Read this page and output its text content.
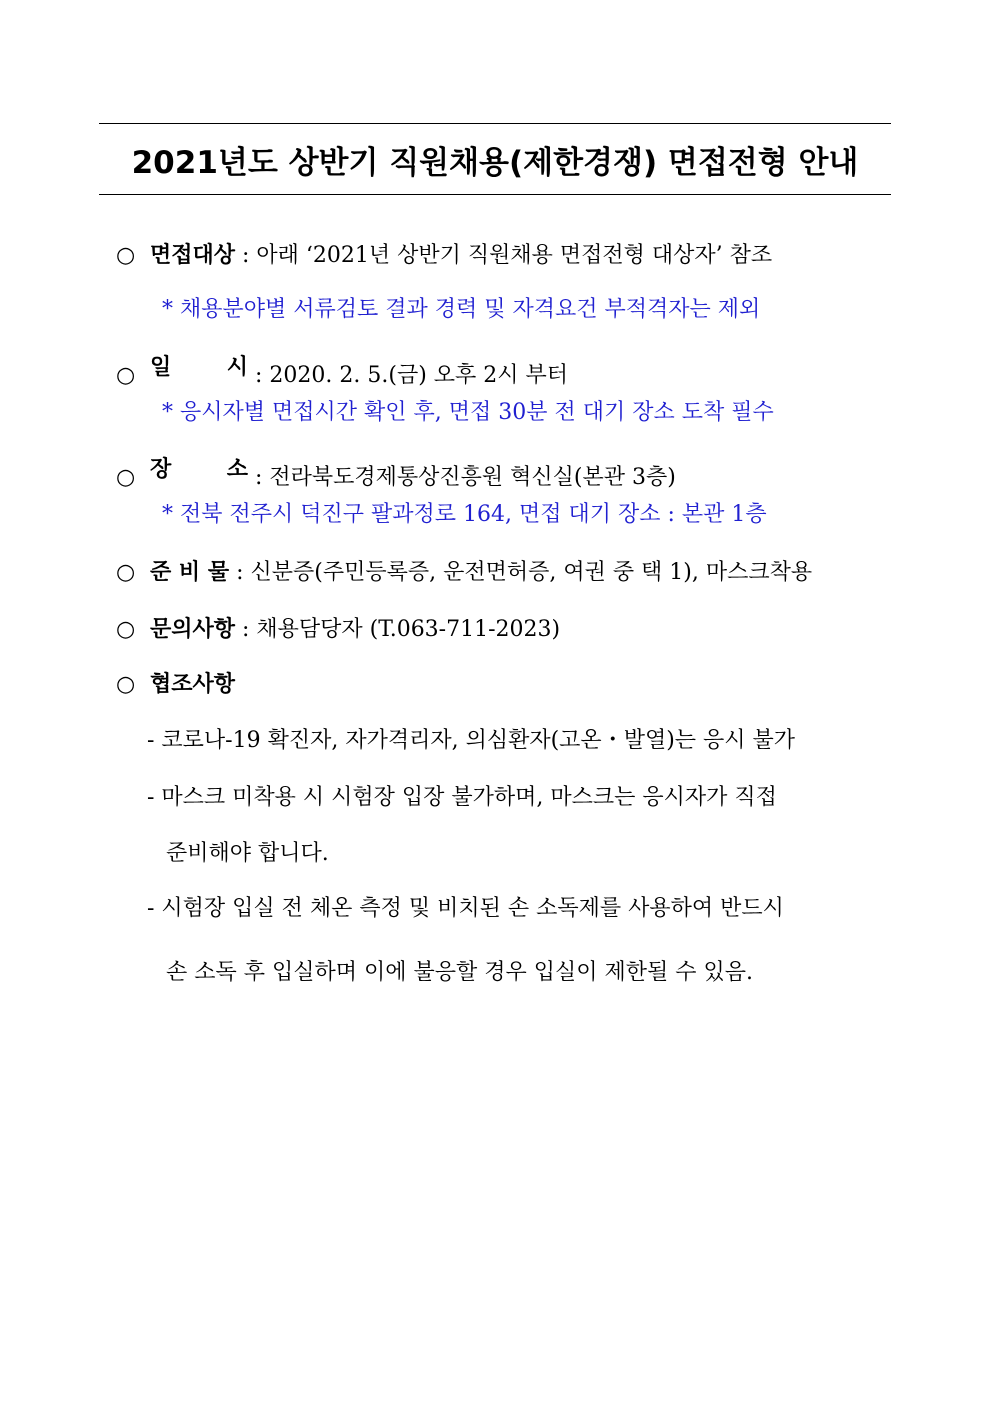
2021년도 상반기 직원채용(제한경쟁) 면접전형 안내
○ 면접대상 : 아래 ‘2021년 상반기 직원채용 면접전형 대상자’ 참조
* 채용분야별 서류검토 결과 경력 및 자격요건 부적격자는 제외
○ 일	시 : 2020. 2. 5.(금) 오후 2시 부터
* 응시자별 면접시간 확인 후, 면접 30분 전 대기 장소 도착 필수
○ 장	소 : 전라북도경제통상진흥원 혁신실(본관 3층)
* 전북 전주시 덕진구 팔과정로 164, 면접 대기 장소 : 본관 1층
○ 준 비 물 : 신분증(주민등록증, 운전면허증, 여권 중 택 1), 마스크착용
○ 문의사항 : 채용담당자 (T.063-711-2023)
○ 협조사항
- 코로나-19 확진자, 자가격리자, 의심환자(고온・발열)는 응시 불가
- 마스크 미착용 시 시험장 입장 불가하며, 마스크는 응시자가 직접
준비해야 합니다.
- 시험장 입실 전 체온 측정 및 비치된 손 소독제를 사용하여 반드시
손 소독 후 입실하며 이에 불응할 경우 입실이 제한될 수 있음.
